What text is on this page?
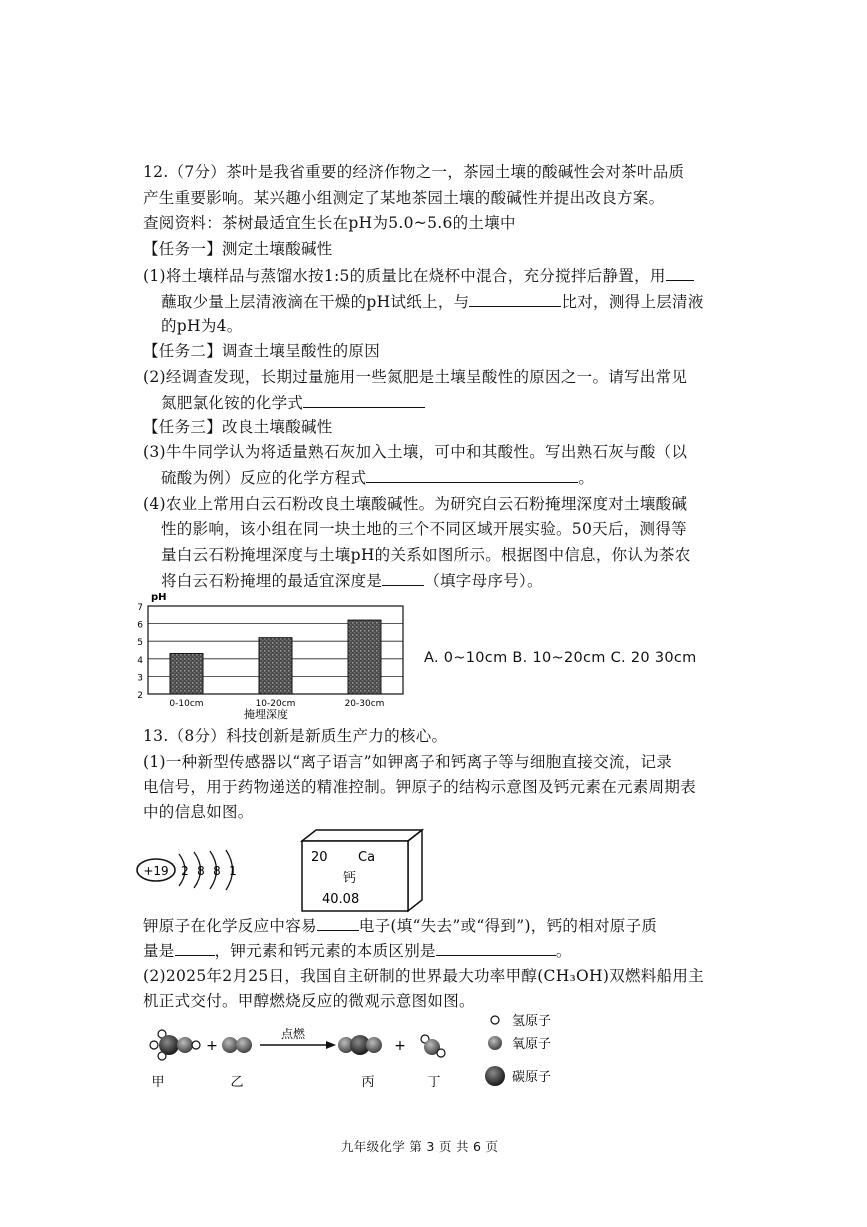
12.（7分）茶叶是我省重要的经济作物之一，茶园土壤的酸碱性会对茶叶品质
产生重要影响。某兴趣小组测定了某地茶园土壤的酸碱性并提出改良方案。
查阅资料：茶树最适宜生长在pH为5.0~5.6的土壤中
【任务一】测定土壤酸碱性
(1)将土壤样品与蒸馏水按1:5的质量比在烧杯中混合，充分搅拌后静置，用
蘸取少量上层清液滴在干燥的pH试纸上，与	比对，测得上层清液
的pH为4。
【任务二】调查土壤呈酸性的原因
(2)经调查发现，长期过量施用一些氮肥是土壤呈酸性的原因之一。请写出常见
氮肥氯化铵的化学式
【任务三】改良土壤酸碱性
(3)牛牛同学认为将适量熟石灰加入土壤，可中和其酸性。写出熟石灰与酸（以
硫酸为例）反应的化学方程式	。
(4)农业上常用白云石粉改良土壤酸碱性。为研究白云石粉掩埋深度对土壤酸碱
性的影响，该小组在同一块土地的三个不同区域开展实验。50天后，测得等
量白云石粉掩埋深度与土壤pH的关系如图所示。根据图中信息，你认为茶农
将白云石粉掩埋的最适宜深度是	（填字母序号）。
2
3
4
5
6
7
pH
0-10cm	10-20cm	20-30cm
掩埋深度
A. 0~10cm B. 10~20cm C. 20 30cm
13.（8分）科技创新是新质生产力的核心。
(1)一种新型传感器以“离子语言”如钾离子和钙离子等与细胞直接交流，记录
电信号，用于药物递送的精准控制。钾原子的结构示意图及钙元素在元素周期表
中的信息如图。
+19 2 8 8 1
20 Ca
钙
40.08
钾原子在化学反应中容易	电子(填“失去”或“得到”)，钙的相对原子质
量是	，钾元素和钙元素的本质区别是	。
(2)2025年2月25日，我国自主研制的世界最大功率甲醇(CH₃OH)双燃料船用主
机正式交付。甲醇燃烧反应的微观示意图如图。
+
点燃
+
甲	乙	丙	丁
氢原子
氧原子
碳原子
九年级化学 第 3 页 共 6 页
